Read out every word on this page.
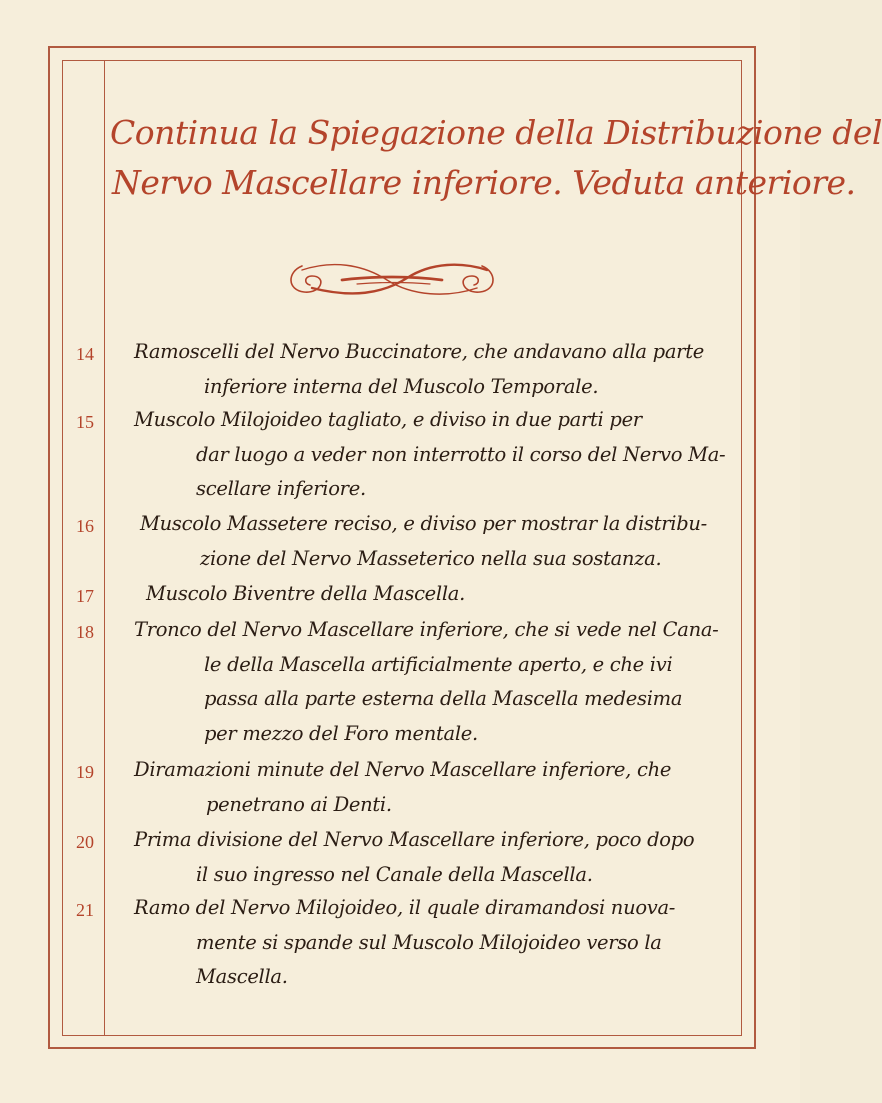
Continua la Spiegazione della Distribuzione del
Nervo Mascellare inferiore. Veduta anteriore.
14	Ramoscelli del Nervo Buccinatore, che andavano alla parte
inferiore interna del Muscolo Temporale.
15	Muscolo Milojoideo tagliato, e diviso in due parti per
dar luogo a veder non interrotto il corso del Nervo Ma-
scellare inferiore.
16	Muscolo Massetere reciso, e diviso per mostrar la distribu-
zione del Nervo Masseterico nella sua sostanza.
17	Muscolo Biventre della Mascella.
18	Tronco del Nervo Mascellare inferiore, che si vede nel Cana-
le della Mascella artificialmente aperto, e che ivi
passa alla parte esterna della Mascella medesima
per mezzo del Foro mentale.
19	Diramazioni minute del Nervo Mascellare inferiore, che
penetrano ai Denti.
20	Prima divisione del Nervo Mascellare inferiore, poco dopo
il suo ingresso nel Canale della Mascella.
21	Ramo del Nervo Milojoideo, il quale diramandosi nuova-
mente si spande sul Muscolo Milojoideo verso la
Mascella.
